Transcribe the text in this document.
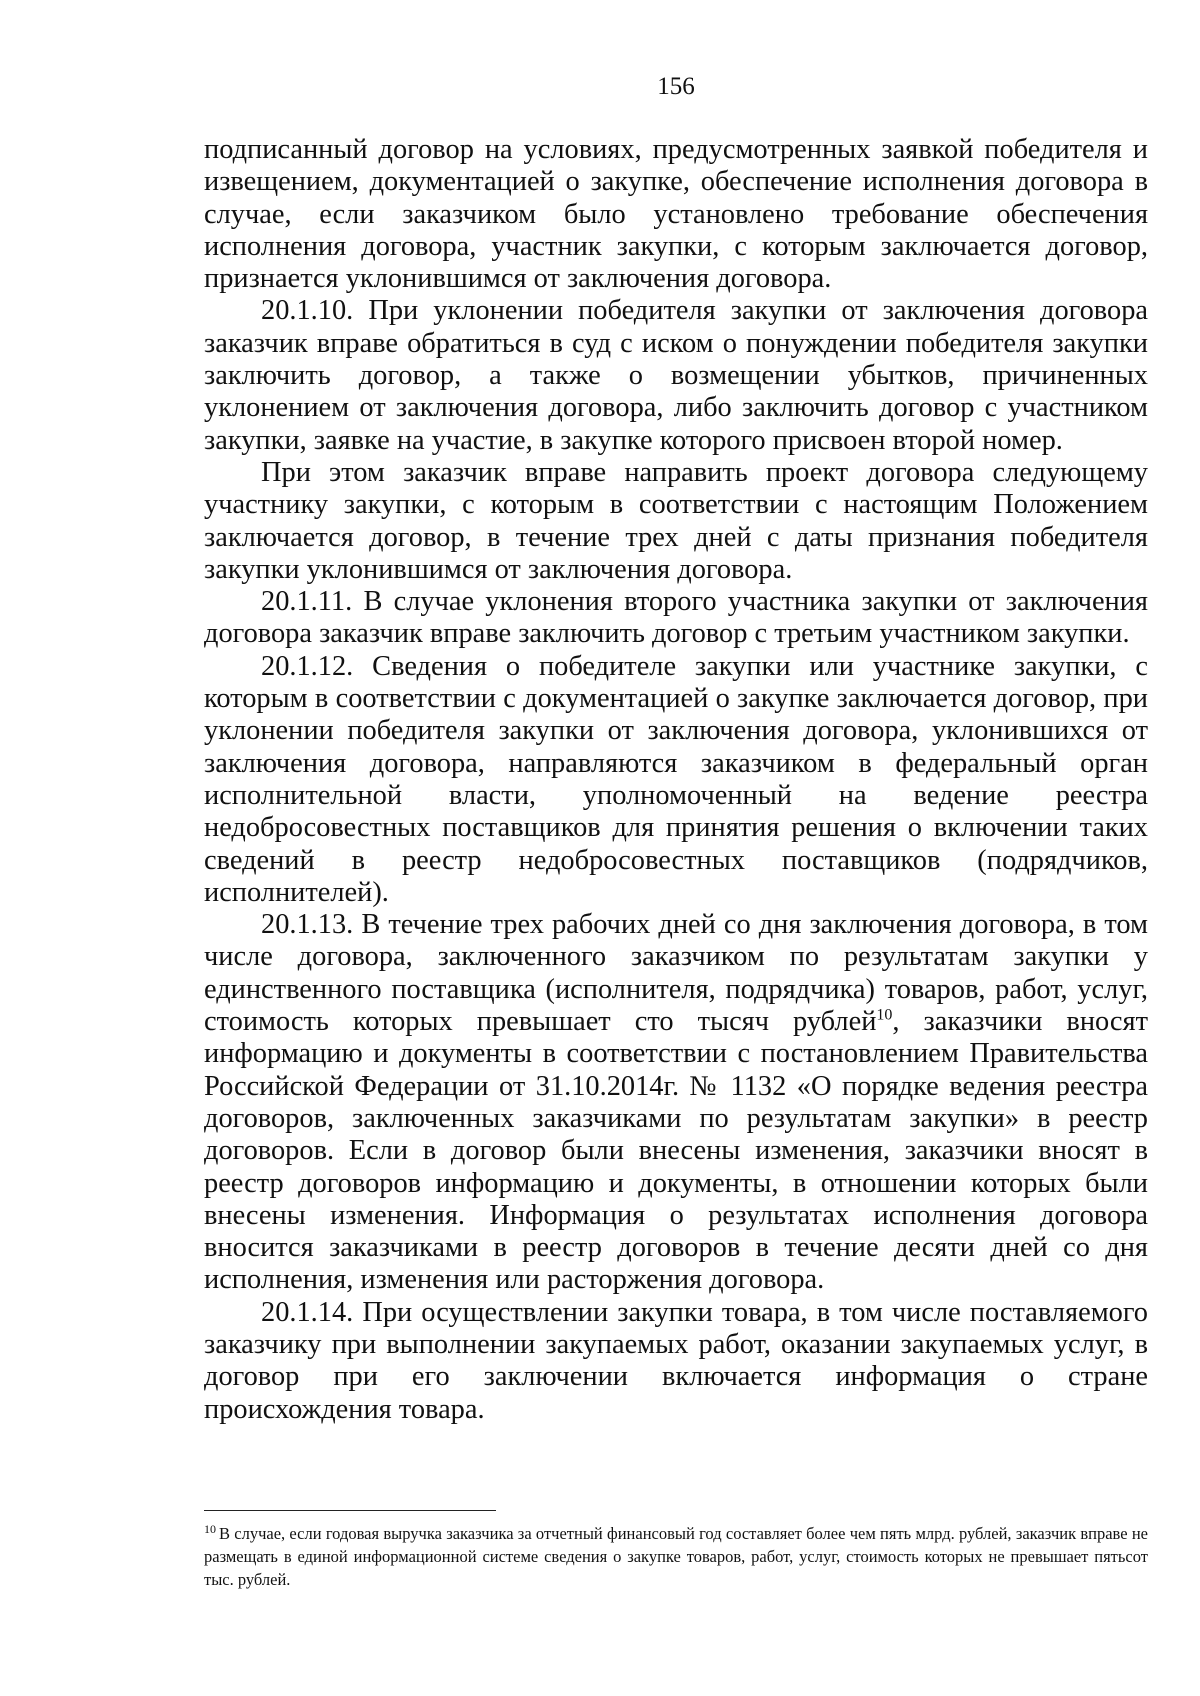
156

подписанный договор на условиях, предусмотренных заявкой победителя и извещением, документацией о закупке, обеспечение исполнения договора в случае, если заказчиком было установлено требование обеспечения исполнения договора, участник закупки, с которым заключается договор, признается уклонившимся от заключения договора.

20.1.10. При уклонении победителя закупки от заключения договора заказчик вправе обратиться в суд с иском о понуждении победителя закупки заключить договор, а также о возмещении убытков, причиненных уклонением от заключения договора, либо заключить договор с участником закупки, заявке на участие, в закупке которого присвоен второй номер.

При этом заказчик вправе направить проект договора следующему участнику закупки, с которым в соответствии с настоящим Положением заключается договор, в течение трех дней с даты признания победителя закупки уклонившимся от заключения договора.

20.1.11. В случае уклонения второго участника закупки от заключения договора заказчик вправе заключить договор с третьим участником закупки.

20.1.12. Сведения о победителе закупки или участнике закупки, с которым в соответствии с документацией о закупке заключается договор, при уклонении победителя закупки от заключения договора, уклонившихся от заключения договора, направляются заказчиком в федеральный орган исполнительной власти, уполномоченный на ведение реестра недобросовестных поставщиков для принятия решения о включении таких сведений в реестр недобросовестных поставщиков (подрядчиков, исполнителей).

20.1.13. В течение трех рабочих дней со дня заключения договора, в том числе договора, заключенного заказчиком по результатам закупки у единственного поставщика (исполнителя, подрядчика) товаров, работ, услуг, стоимость которых превышает сто тысяч рублей$^{10}$, заказчики вносят информацию и документы в соответствии с постановлением Правительства Российской Федерации от 31.10.2014г. № 1132 «О порядке ведения реестра договоров, заключенных заказчиками по результатам закупки» в реестр договоров. Если в договор были внесены изменения, заказчики вносят в реестр договоров информацию и документы, в отношении которых были внесены изменения. Информация о результатах исполнения договора вносится заказчиками в реестр договоров в течение десяти дней со дня исполнения, изменения или расторжения договора.

20.1.14. При осуществлении закупки товара, в том числе поставляемого заказчику при выполнении закупаемых работ, оказании закупаемых услуг, в договор при его заключении включается информация о стране происхождения товара.

$^{10}$ В случае, если годовая выручка заказчика за отчетный финансовый год составляет более чем пять млрд. рублей, заказчик вправе не размещать в единой информационной системе сведения о закупке товаров, работ, услуг, стоимость которых не превышает пятьсот тыс. рублей.
